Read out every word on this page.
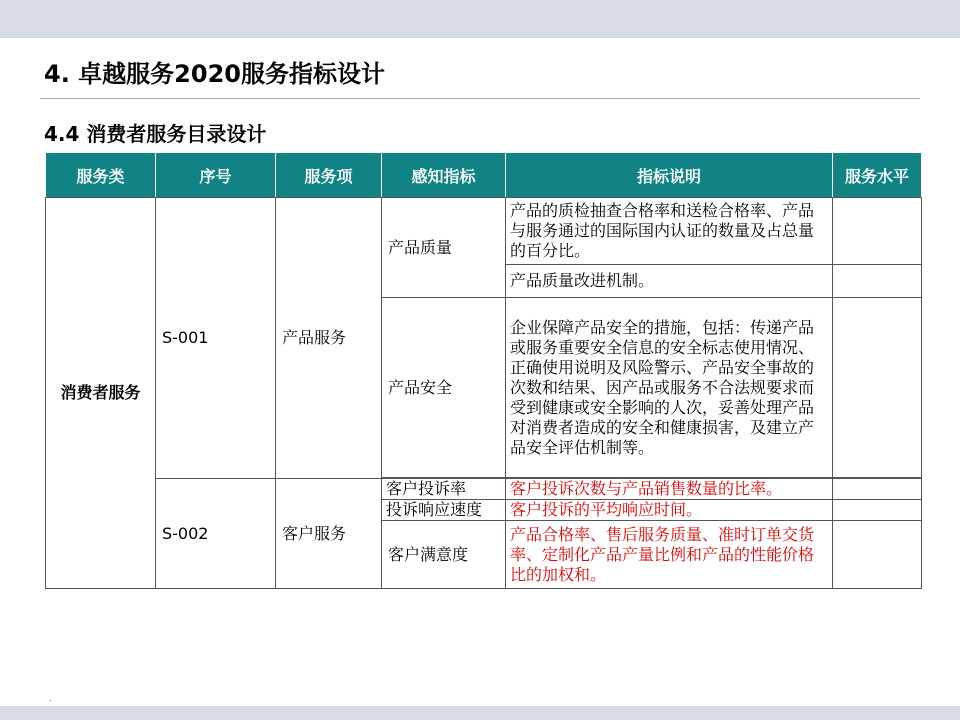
4. 卓越服务2020服务指标设计
4.4 消费者服务目录设计
服务类	序号	服务项	感知指标	指标说明	服务水平
消费者服务	S-001	产品服务	产品质量	产品的质检抽查合格率和送检合格率、产品与服务通过的国际国内认证的数量及占总量的百分比。	
				产品质量改进机制。	
			产品安全	企业保障产品安全的措施，包括：传递产品或服务重要安全信息的安全标志使用情况、正确使用说明及风险警示、产品安全事故的次数和结果、因产品或服务不合法规要求而受到健康或安全影响的人次，妥善处理产品对消费者造成的安全和健康损害，及建立产品安全评估机制等。	

	S-002	客户服务	客户投诉率	客户投诉次数与产品销售数量的比率。	
			投诉响应速度	客户投诉的平均响应时间。	
			客户满意度	产品合格率、售后服务质量、准时订单交货率、定制化产品产量比例和产品的性能价格比的加权和。	
